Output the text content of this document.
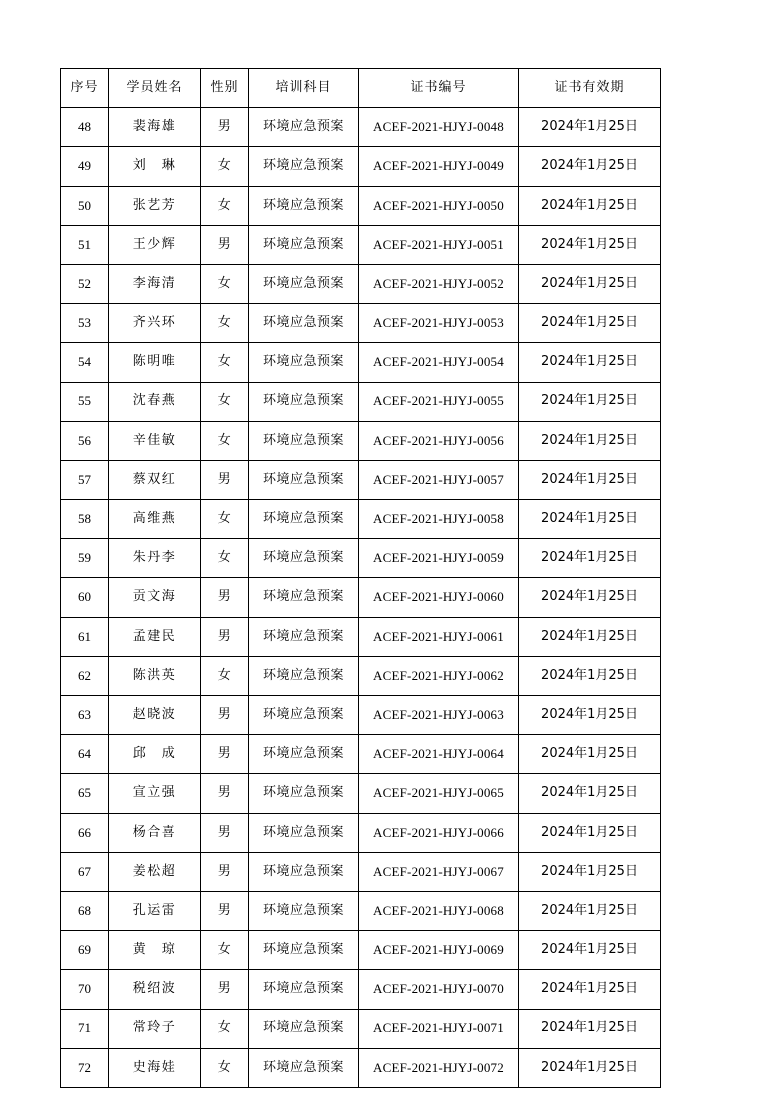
序号	学员姓名	性别	培训科目	证书编号	证书有效期
48	裴海雄	男	环境应急预案	ACEF-2021-HJYJ-0048	2024年1月25日
49	刘　琳	女	环境应急预案	ACEF-2021-HJYJ-0049	2024年1月25日
50	张艺芳	女	环境应急预案	ACEF-2021-HJYJ-0050	2024年1月25日
51	王少辉	男	环境应急预案	ACEF-2021-HJYJ-0051	2024年1月25日
52	李海清	女	环境应急预案	ACEF-2021-HJYJ-0052	2024年1月25日
53	齐兴环	女	环境应急预案	ACEF-2021-HJYJ-0053	2024年1月25日
54	陈明唯	女	环境应急预案	ACEF-2021-HJYJ-0054	2024年1月25日
55	沈春燕	女	环境应急预案	ACEF-2021-HJYJ-0055	2024年1月25日
56	辛佳敏	女	环境应急预案	ACEF-2021-HJYJ-0056	2024年1月25日
57	蔡双红	男	环境应急预案	ACEF-2021-HJYJ-0057	2024年1月25日
58	高维燕	女	环境应急预案	ACEF-2021-HJYJ-0058	2024年1月25日
59	朱丹李	女	环境应急预案	ACEF-2021-HJYJ-0059	2024年1月25日
60	贡文海	男	环境应急预案	ACEF-2021-HJYJ-0060	2024年1月25日
61	孟建民	男	环境应急预案	ACEF-2021-HJYJ-0061	2024年1月25日
62	陈洪英	女	环境应急预案	ACEF-2021-HJYJ-0062	2024年1月25日
63	赵晓波	男	环境应急预案	ACEF-2021-HJYJ-0063	2024年1月25日
64	邱　成	男	环境应急预案	ACEF-2021-HJYJ-0064	2024年1月25日
65	宣立强	男	环境应急预案	ACEF-2021-HJYJ-0065	2024年1月25日
66	杨合喜	男	环境应急预案	ACEF-2021-HJYJ-0066	2024年1月25日
67	姜松超	男	环境应急预案	ACEF-2021-HJYJ-0067	2024年1月25日
68	孔运雷	男	环境应急预案	ACEF-2021-HJYJ-0068	2024年1月25日
69	黄　琼	女	环境应急预案	ACEF-2021-HJYJ-0069	2024年1月25日
70	税绍波	男	环境应急预案	ACEF-2021-HJYJ-0070	2024年1月25日
71	常玲子	女	环境应急预案	ACEF-2021-HJYJ-0071	2024年1月25日
72	史海娃	女	环境应急预案	ACEF-2021-HJYJ-0072	2024年1月25日
